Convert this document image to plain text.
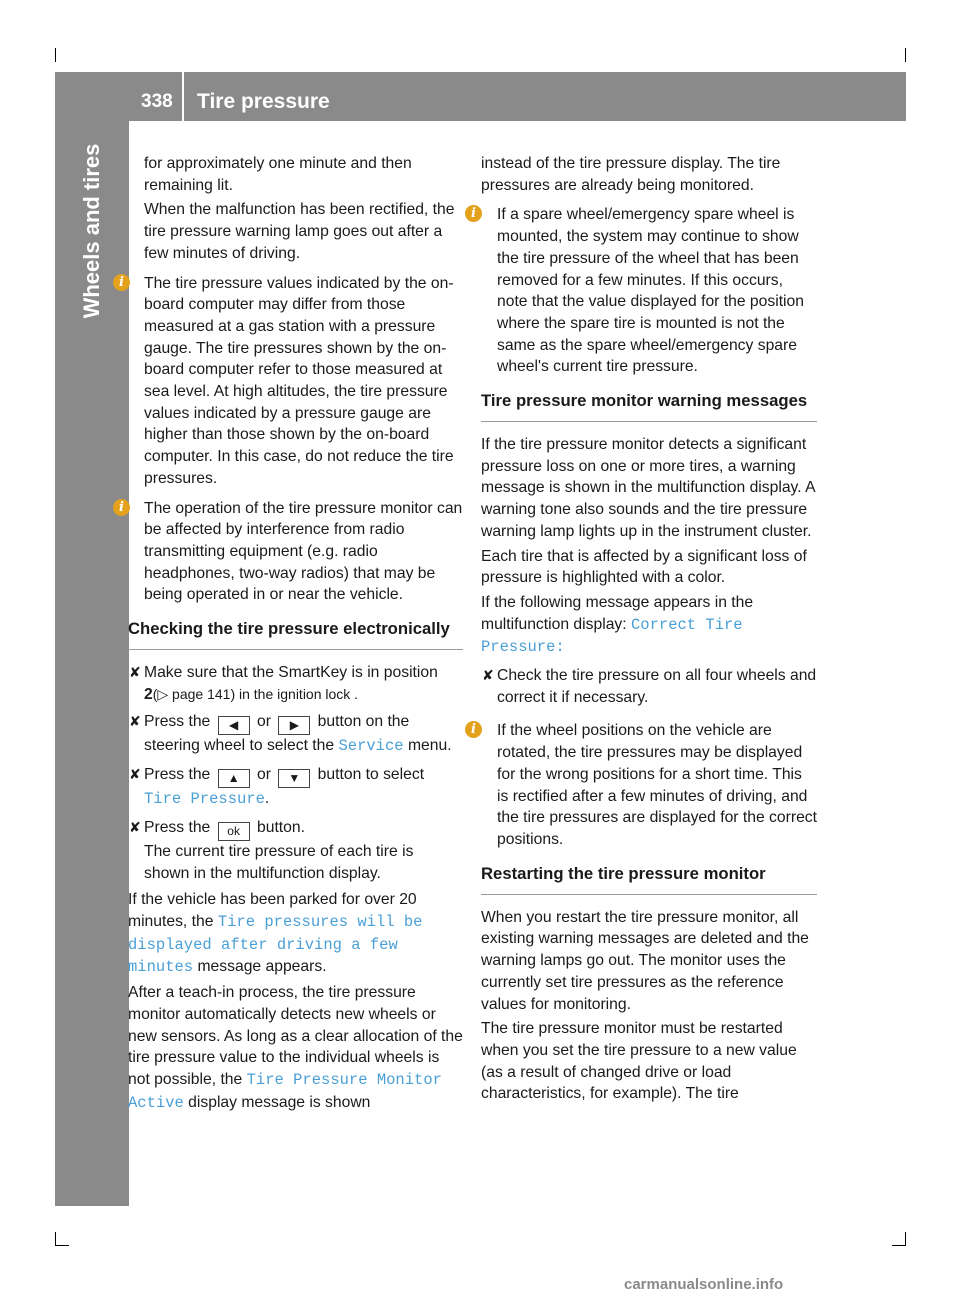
338 Tire pressure
Wheels and tires	for approximately one minute and then remaining lit.

When the malfunction has been rectified, the tire pressure warning lamp goes out after a few minutes of driving.

i	The tire pressure values indicated by the on-board computer may differ from those measured at a gas station with a pressure gauge. The tire pressures shown by the on-board computer refer to those measured at sea level. At high altitudes, the tire pressure values indicated by a pressure gauge are higher than those shown by the on-board computer. In this case, do not reduce the tire pressures.
i	The operation of the tire pressure monitor can be affected by interference from radio transmitting equipment (e.g. radio headphones, two-way radios) that may be being operated in or near the vehicle.
Checking the tire pressure electronically
✘ Make sure that the SmartKey is in position 2(▷ page 141) in the ignition lock .
✘ Press the ◀ or ▶ button on the steering wheel to select the Service menu.
✘ Press the ▲ or ▼ button to select Tire Pressure.
✘ Press the ok button.
The current tire pressure of each tire is shown in the multifunction display.

If the vehicle has been parked for over 20 minutes, the Tire pressures will be displayed after driving a few minutes message appears.

After a teach-in process, the tire pressure monitor automatically detects new wheels or new sensors. As long as a clear allocation of the tire pressure value to the individual wheels is not possible, the Tire Pressure Monitor Active display message is shown

instead of the tire pressure display. The tire pressures are already being monitored.

i	If a spare wheel/emergency spare wheel is mounted, the system may continue to show the tire pressure of the wheel that has been removed for a few minutes. If this occurs, note that the value displayed for the position where the spare tire is mounted is not the same as the spare wheel/emergency spare wheel's current tire pressure.
Tire pressure monitor warning messages

If the tire pressure monitor detects a significant pressure loss on one or more tires, a warning message is shown in the multifunction display. A warning tone also sounds and the tire pressure warning lamp lights up in the instrument cluster.

Each tire that is affected by a significant loss of pressure is highlighted with a color.

If the following message appears in the multifunction display: Correct Tire Pressure:

✘ Check the tire pressure on all four wheels and correct it if necessary.
i	If the wheel positions on the vehicle are rotated, the tire pressures may be displayed for the wrong positions for a short time. This is rectified after a few minutes of driving, and the tire pressures are displayed for the correct positions.
Restarting the tire pressure monitor

When you restart the tire pressure monitor, all existing warning messages are deleted and the warning lamps go out. The monitor uses the currently set tire pressures as the reference values for monitoring.

The tire pressure monitor must be restarted when you set the tire pressure to a new value (as a result of changed drive or load characteristics, for example). The tire

carmanualsonline.info
